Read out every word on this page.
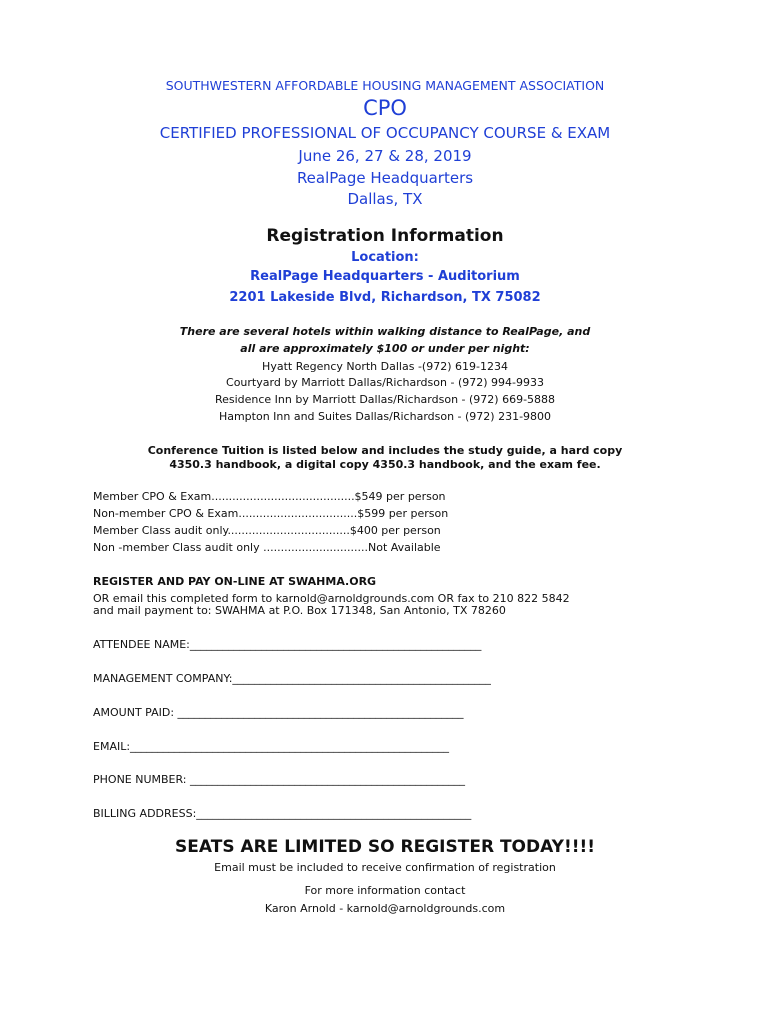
SOUTHWESTERN AFFORDABLE HOUSING MANAGEMENT ASSOCIATION
CPO
CERTIFIED PROFESSIONAL OF OCCUPANCY COURSE & EXAM
June 26, 27 & 28, 2019
RealPage Headquarters
Dallas, TX
Registration Information
Location:
RealPage Headquarters - Auditorium
2201 Lakeside Blvd, Richardson, TX 75082
There are several hotels within walking distance to RealPage, and
all are approximately $100 or under per night:
Hyatt Regency North Dallas -(972) 619-1234
Courtyard by Marriott Dallas/Richardson - (972) 994-9933
Residence Inn by Marriott Dallas/Richardson - (972) 669-5888
Hampton Inn and Suites Dallas/Richardson - (972) 231-9800
Conference Tuition is listed below and includes the study guide, a hard copy
4350.3 handbook, a digital copy 4350.3 handbook, and the exam fee.
Member CPO & Exam.........................................$549 per person
Non-member CPO & Exam..................................$599 per person
Member Class audit only...................................$400 per person
Non -member Class audit only ..............................Not Available
REGISTER AND PAY ON-LINE AT SWAHMA.ORG
OR email this completed form to karnold@arnoldgrounds.com OR fax to 210 822 5842
and mail payment to: SWAHMA at P.O. Box 171348, San Antonio, TX 78260
ATTENDEE NAME:_____________________________________________________
MANAGEMENT COMPANY:_______________________________________________
AMOUNT PAID: ____________________________________________________
EMAIL:__________________________________________________________
PHONE NUMBER: __________________________________________________
BILLING ADDRESS:__________________________________________________
SEATS ARE LIMITED SO REGISTER TODAY!!!!
Email must be included to receive confirmation of registration
For more information contact
Karon Arnold - karnold@arnoldgrounds.com
